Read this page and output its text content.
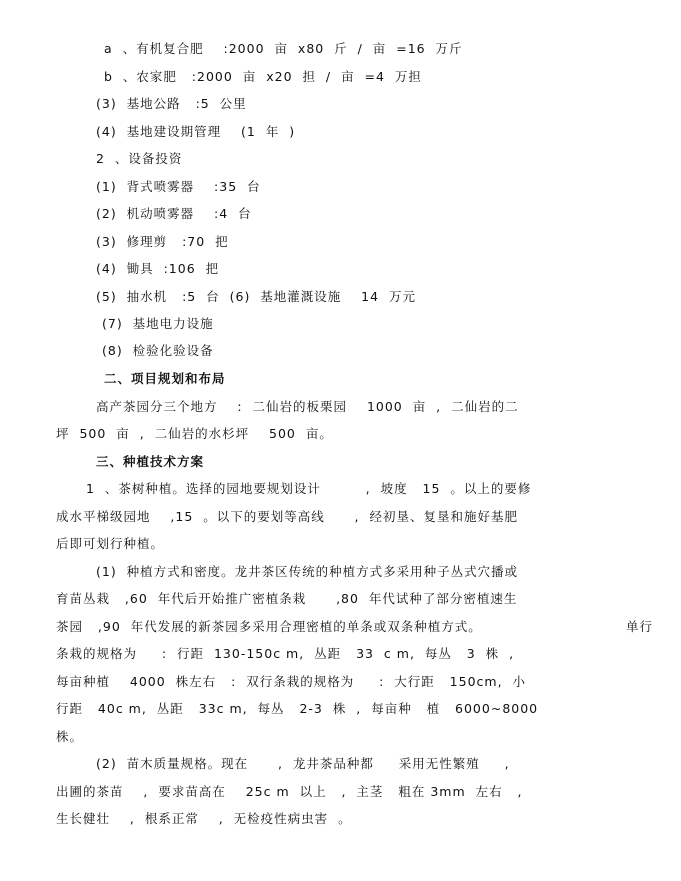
a  、有机复合肥    :2000  亩  x80  斤  /  亩  =16  万斤
b  、农家肥   :2000  亩  x20  担  /  亩  =4  万担
(3)  基地公路   :5  公里
(4)  基地建设期管理    (1  年  )
2  、设备投资
(1)  背式喷雾器    :35  台
(2)  机动喷雾器    :4  台
(3)  修理剪   :70  把
(4)  锄具  :106  把
(5)  抽水机   :5  台  (6)  基地灌溉设施    14  万元
(7)  基地电力设施
(8)  检验化验设备
二、项目规划和布局
高产茶园分三个地方    :  二仙岩的板栗园    1000  亩  ,  二仙岩的二
坪  500  亩  ,  二仙岩的水杉坪    500  亩。
三、种植技术方案
1  、茶树种植。选择的园地要规划设计         ,  坡度   15  。以上的要修
成水平梯级园地    ,15  。以下的要划等高线      ,  经初垦、复垦和施好基肥
后即可划行种植。
(1)  种植方式和密度。龙井茶区传统的种植方式多采用种子丛式穴播或
育苗丛栽   ,60  年代后开始推广密植条栽      ,80  年代试种了部分密植速生
茶园   ,90  年代发展的新茶园多采用合理密植的单条或双条种植方式。	单行
条栽的规格为     :  行距  130-150c m,  丛距   33  c m,  每丛   3  株  ,
每亩种植    4000  株左右   :  双行条栽的规格为     :  大行距   150cm,  小
行距   40c m,  丛距   33c m,  每丛   2-3  株  ,  每亩种   植   6000~8000
株。
(2)  苗木质量规格。现在      ,  龙井茶品种都     采用无性繁殖     ,
出圃的茶苗    ,  要求苗高在    25c m  以上   ,  主茎   粗在 3mm  左右   ,
生长健壮    ,  根系正常    ,  无检疫性病虫害  。
